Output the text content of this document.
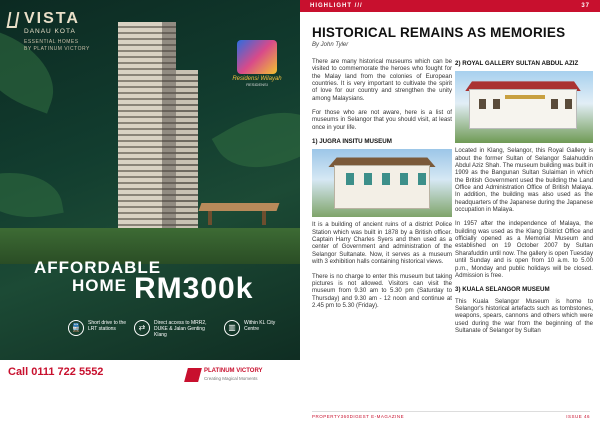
VISTA
DANAU KOTA
ESSENTIAL HOMES
BY PLATINUM VICTORY
Residensi Wilayah
RESIDENSI
AFFORDABLE
HOME RM300k
🚆	Short drive to the LRT stations	⇄	Direct access to MRR2, DUKE & Jalan Genting Klang
▥	Within KL City Centre
Call 0111 722 5552	PLATINUM VICTORY
Creating Magical Moments
HIGHLIGHT ///	37
HISTORICAL REMAINS AS MEMORIES
By John Tyler

There are many historical museums which can be visited to commemorate the heroes who fought for the Malay land from the colonies of European countries. It is very important to cultivate the spirit of love for our country and strengthen the unity among Malaysians.

For those who are not aware, here is a list of museums in Selangor that you should visit, at least once in your life.

1) JUGRA INSITU MUSEUM

It is a building of ancient ruins of a district Police Station which was built in 1878 by a British officer. Captain Harry Charles Syers and then used as a center of Government and administration of the Selangor Sultanate. Now, it serves as a museum with 3 exhibition halls containing historical views.

There is no charge to enter this museum but taking pictures is not allowed. Visitors can visit the museum from 9.30 am to 5.30 pm (Saturday to Thursday) and 9.30 am - 12 noon and continue at 2.45 pm to 5.30 (Friday).

2) ROYAL GALLERY SULTAN ABDUL AZIZ

Located in Klang, Selangor, this Royal Gallery is about the former Sultan of Selangor Salahuddin Abdul Aziz Shah. The museum building was built in 1909 as the Bangunan Sultan Sulaiman in which the British Government used the building the Land Office and Administration Office of British Malaya. In addition, the building was also used as the headquarters of the Japanese during the Japanese occupation in Malaya.

In 1957 after the independence of Malaya, the building was used as the Klang District Office and officially opened as a Memorial Museum and established on 19 October 2007 by Sultan Sharafuddin until now. The gallery is open Tuesday until Sunday and is open from 10 a.m. to 5.00 p.m., Monday and public holidays will be closed. Admission is free.

3) KUALA SELANGOR MUSEUM

This Kuala Selangor Museum is home to Selangor's historical artefacts such as tombstones, weapons, spears, cannons and others which were used during the war from the beginning of the Sultanate of Selangor by Sultan

PROPERTY360DIGEST E-MAGAZINE	ISSUE 46
